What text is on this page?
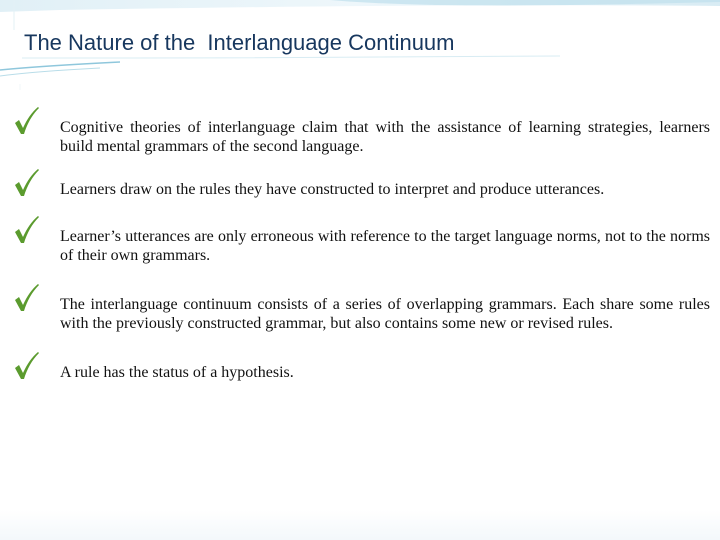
The Nature of the  Interlanguage Continuum
Cognitive theories of interlanguage claim that with the assistance of learning strategies, learners build mental grammars of the second language.
Learners draw on the rules they have constructed to interpret and produce utterances.
Learner’s utterances are only erroneous with reference to the target language norms, not to the norms of their own grammars.
The interlanguage continuum consists of a series of overlapping grammars. Each share some rules with the previously constructed grammar, but also contains some new or revised rules.
A rule has the status of a hypothesis.
